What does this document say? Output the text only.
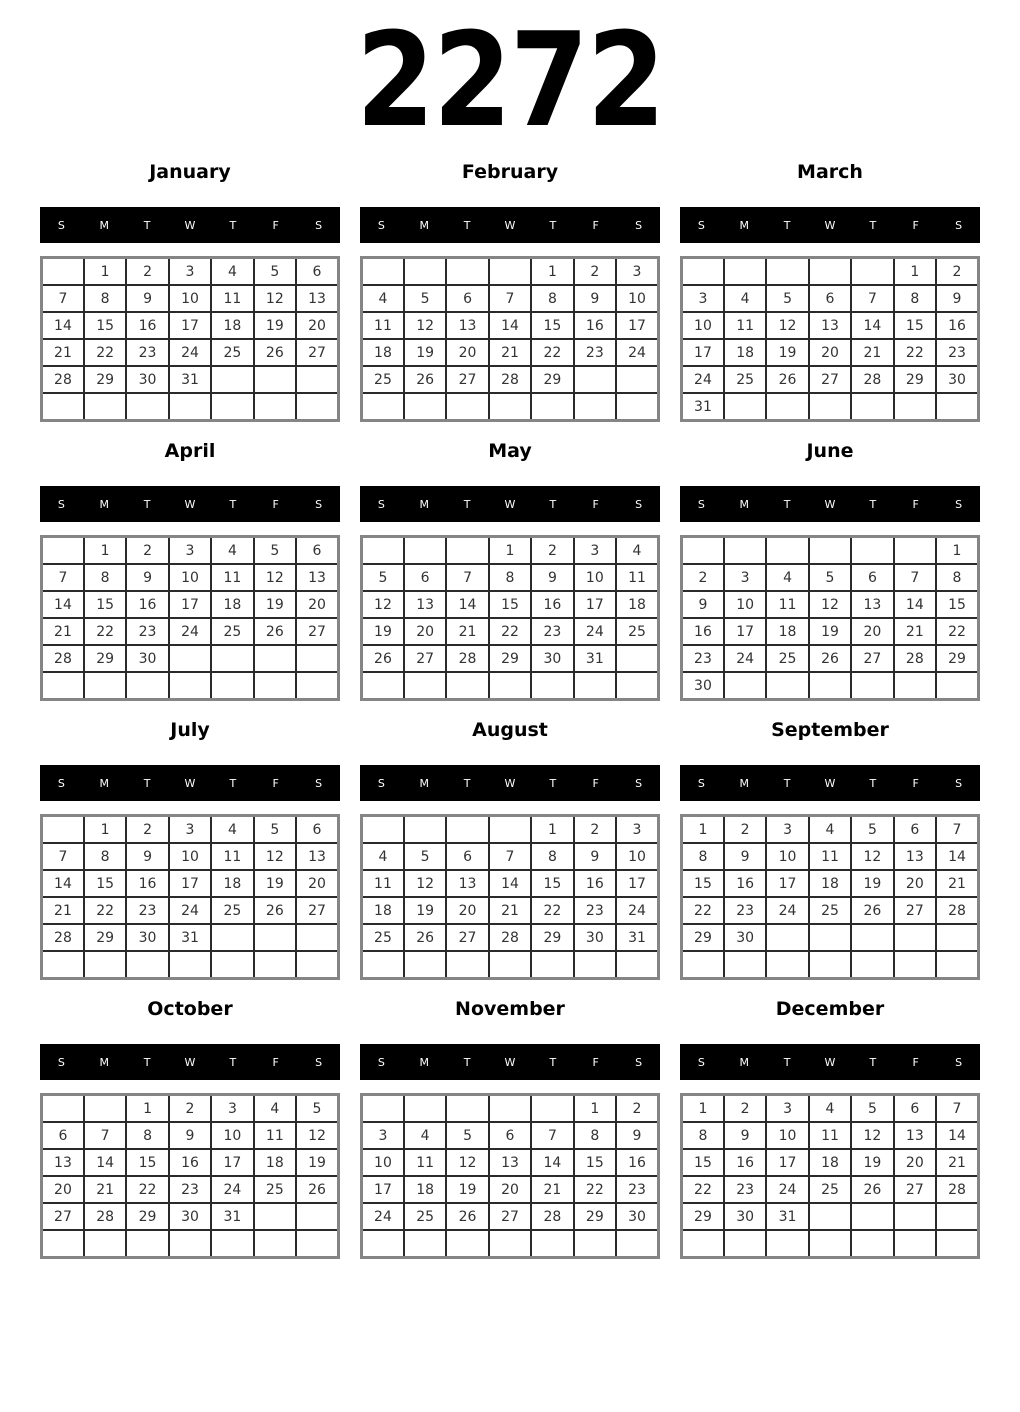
2272
January
S	M	T	W	T	F	S
	1	2	3	4	5	6
7	8	9	10	11	12	13
14	15	16	17	18	19	20
21	22	23	24	25	26	27
28	29	30	31			

February
S	M	T	W	T	F	S
				1	2	3
4	5	6	7	8	9	10
11	12	13	14	15	16	17
18	19	20	21	22	23	24
25	26	27	28	29		

March
S	M	T	W	T	F	S
					1	2
3	4	5	6	7	8	9
10	11	12	13	14	15	16
17	18	19	20	21	22	23
24	25	26	27	28	29	30
31						
April
S	M	T	W	T	F	S
	1	2	3	4	5	6
7	8	9	10	11	12	13
14	15	16	17	18	19	20
21	22	23	24	25	26	27
28	29	30				

May
S	M	T	W	T	F	S
			1	2	3	4
5	6	7	8	9	10	11
12	13	14	15	16	17	18
19	20	21	22	23	24	25
26	27	28	29	30	31	

June
S	M	T	W	T	F	S
						1
2	3	4	5	6	7	8
9	10	11	12	13	14	15
16	17	18	19	20	21	22
23	24	25	26	27	28	29
30						
July
S	M	T	W	T	F	S
	1	2	3	4	5	6
7	8	9	10	11	12	13
14	15	16	17	18	19	20
21	22	23	24	25	26	27
28	29	30	31			

August
S	M	T	W	T	F	S
				1	2	3
4	5	6	7	8	9	10
11	12	13	14	15	16	17
18	19	20	21	22	23	24
25	26	27	28	29	30	31

September
S	M	T	W	T	F	S
1	2	3	4	5	6	7
8	9	10	11	12	13	14
15	16	17	18	19	20	21
22	23	24	25	26	27	28
29	30					

October
S	M	T	W	T	F	S
		1	2	3	4	5
6	7	8	9	10	11	12
13	14	15	16	17	18	19
20	21	22	23	24	25	26
27	28	29	30	31		

November
S	M	T	W	T	F	S
					1	2
3	4	5	6	7	8	9
10	11	12	13	14	15	16
17	18	19	20	21	22	23
24	25	26	27	28	29	30

December
S	M	T	W	T	F	S
1	2	3	4	5	6	7
8	9	10	11	12	13	14
15	16	17	18	19	20	21
22	23	24	25	26	27	28
29	30	31				
